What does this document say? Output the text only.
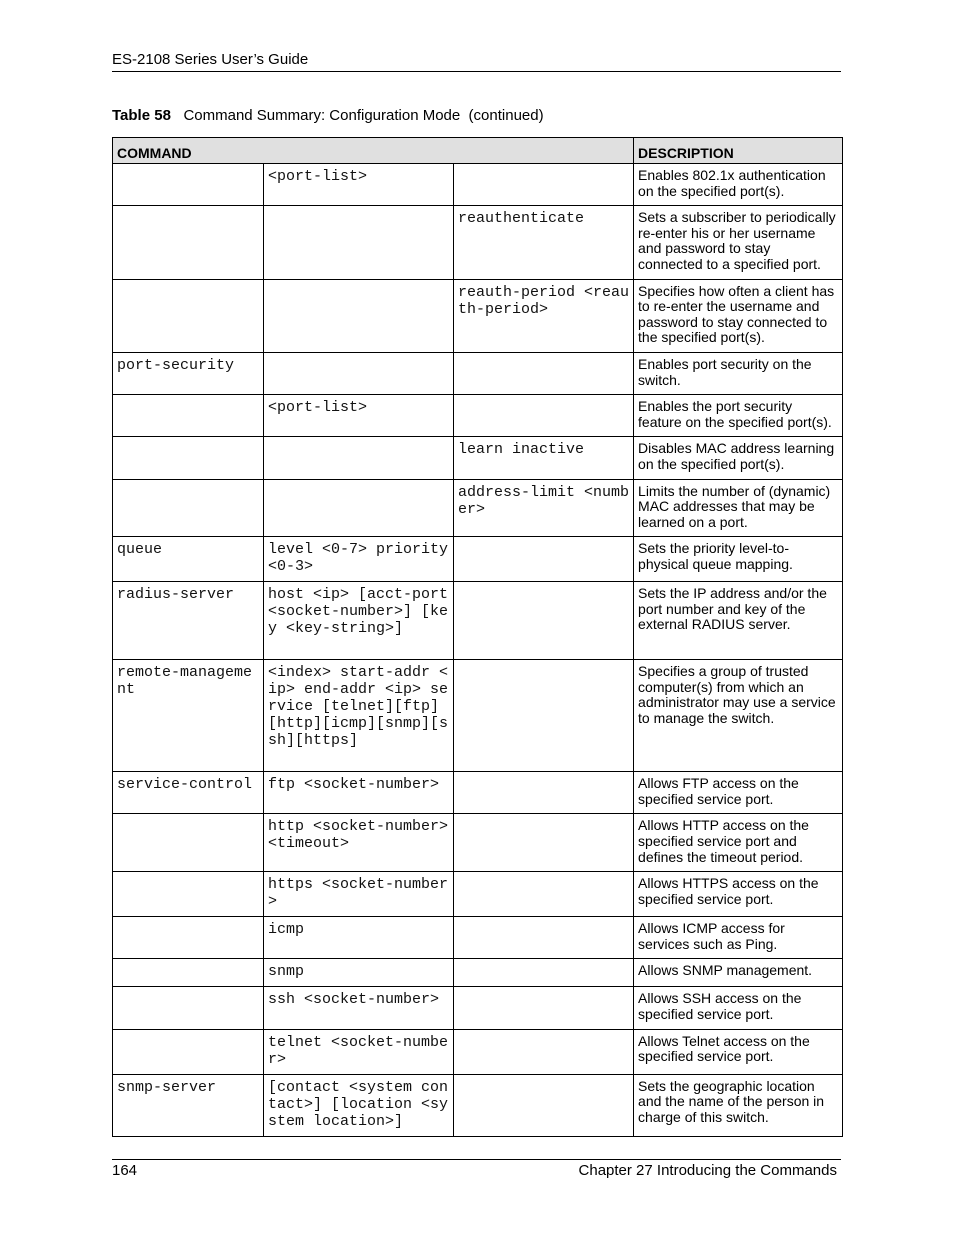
ES-2108 Series User’s Guide
Table 58 Command Summary: Configuration Mode  (continued)
COMMAND			DESCRIPTION
	<port-list>		Enables 802.1x authentication on the specified port(s).
		reauthenticate	Sets a subscriber to periodically re-enter his or her username and password to stay connected to a specified port.
		reauth-period <reauth-period>	Specifies how often a client has to re-enter the username and password to stay connected to the specified port(s).
port-security			Enables port security on the switch.
	<port-list>		Enables the port security feature on the specified port(s).
		learn inactive	Disables MAC address learning on the specified port(s).
		address-limit <number>	Limits the number of (dynamic) MAC addresses that may be learned on a port.
queue	level <0-7> priority <0-3>		Sets the priority level-to-physical queue mapping.
radius-server	host <ip> [acct-port <socket-number>] [key <key-string>]		Sets the IP address and/or the port number and key of the external RADIUS server.
remote-management	<index> start-addr <ip> end-addr <ip> service [telnet][ftp][http][icmp][snmp][ssh][https]		Specifies a group of trusted computer(s) from which an administrator may use a service to manage the switch.
service-control	ftp <socket-number>		Allows FTP access on the specified service port.
	http <socket-number> <timeout>		Allows HTTP access on the specified service port and defines the timeout period.
	https <socket-number>		Allows HTTPS access on the specified service port.
	icmp		Allows ICMP access for services such as Ping.
	snmp		Allows SNMP management.
	ssh <socket-number>		Allows SSH access on the specified service port.
	telnet <socket-number>		Allows Telnet access on the specified service port.
snmp-server	[contact <system contact>] [location <system location>]		Sets the geographic location and the name of the person in charge of this switch.
164	Chapter 27 Introducing the Commands
